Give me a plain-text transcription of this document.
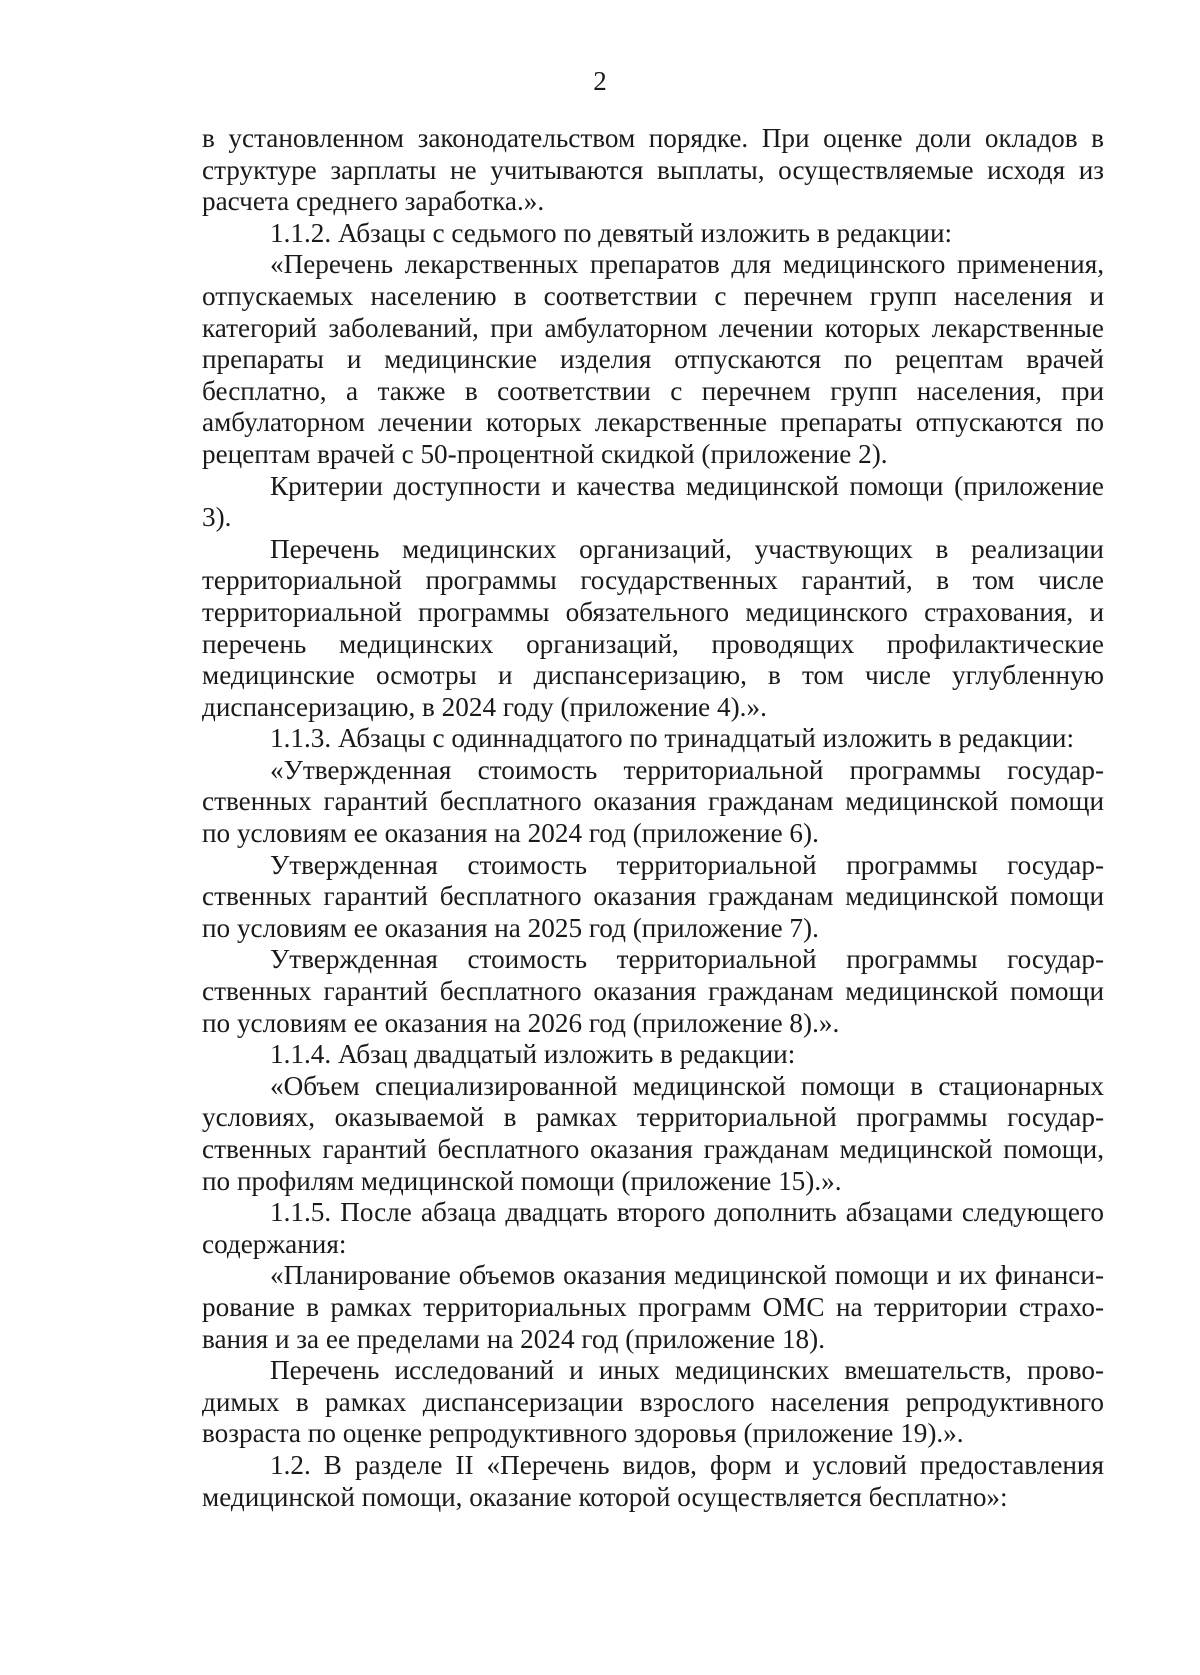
2

в установленном законодательством порядке. При оценке доли окладов в структуре зарплаты не учитываются выплаты, осуществляемые исходя из расчета среднего заработка.».

1.1.2. Абзацы с седьмого по девятый изложить в редакции:

«Перечень лекарственных препаратов для медицинского применения, отпускаемых населению в соответствии с перечнем групп населения и категорий заболеваний, при амбулаторном лечении которых лекарственные препараты и медицинские изделия отпускаются по рецептам врачей бесплатно, а также в соответствии с перечнем групп населения, при амбулаторном лечении которых лекарственные препараты отпускаются по рецептам врачей с 50-процентной скидкой (приложение 2).

Критерии доступности и качества медицинской помощи (приложение 3).

Перечень медицинских организаций, участвующих в реализации территориальной программы государственных гарантий, в том числе территориальной программы обязательного медицинского страхования, и перечень медицинских организаций, проводящих профилактические медицинские осмотры и диспансеризацию, в том числе углубленную диспансеризацию, в 2024 году (приложение 4).».

1.1.3. Абзацы с одиннадцатого по тринадцатый изложить в редакции:

«Утвержденная стоимость территориальной программы государственных гарантий бесплатного оказания гражданам медицинской помощи по условиям ее оказания на 2024 год (приложение 6).

Утвержденная стоимость территориальной программы государственных гарантий бесплатного оказания гражданам медицинской помощи по условиям ее оказания на 2025 год (приложение 7).

Утвержденная стоимость территориальной программы государственных гарантий бесплатного оказания гражданам медицинской помощи по условиям ее оказания на 2026 год (приложение 8).».

1.1.4. Абзац двадцатый изложить в редакции:

«Объем специализированной медицинской помощи в стационарных условиях, оказываемой в рамках территориальной программы государственных гарантий бесплатного оказания гражданам медицинской помощи, по профилям медицинской помощи (приложение 15).».

1.1.5. После абзаца двадцать второго дополнить абзацами следующего содержания:

«Планирование объемов оказания медицинской помощи и их финансирование в рамках территориальных программ ОМС на территории страхования и за ее пределами на 2024 год (приложение 18).

Перечень исследований и иных медицинских вмешательств, проводимых в рамках диспансеризации взрослого населения репродуктивного возраста по оценке репродуктивного здоровья (приложение 19).».

1.2. В разделе II «Перечень видов, форм и условий предоставления медицинской помощи, оказание которой осуществляется бесплатно»:
